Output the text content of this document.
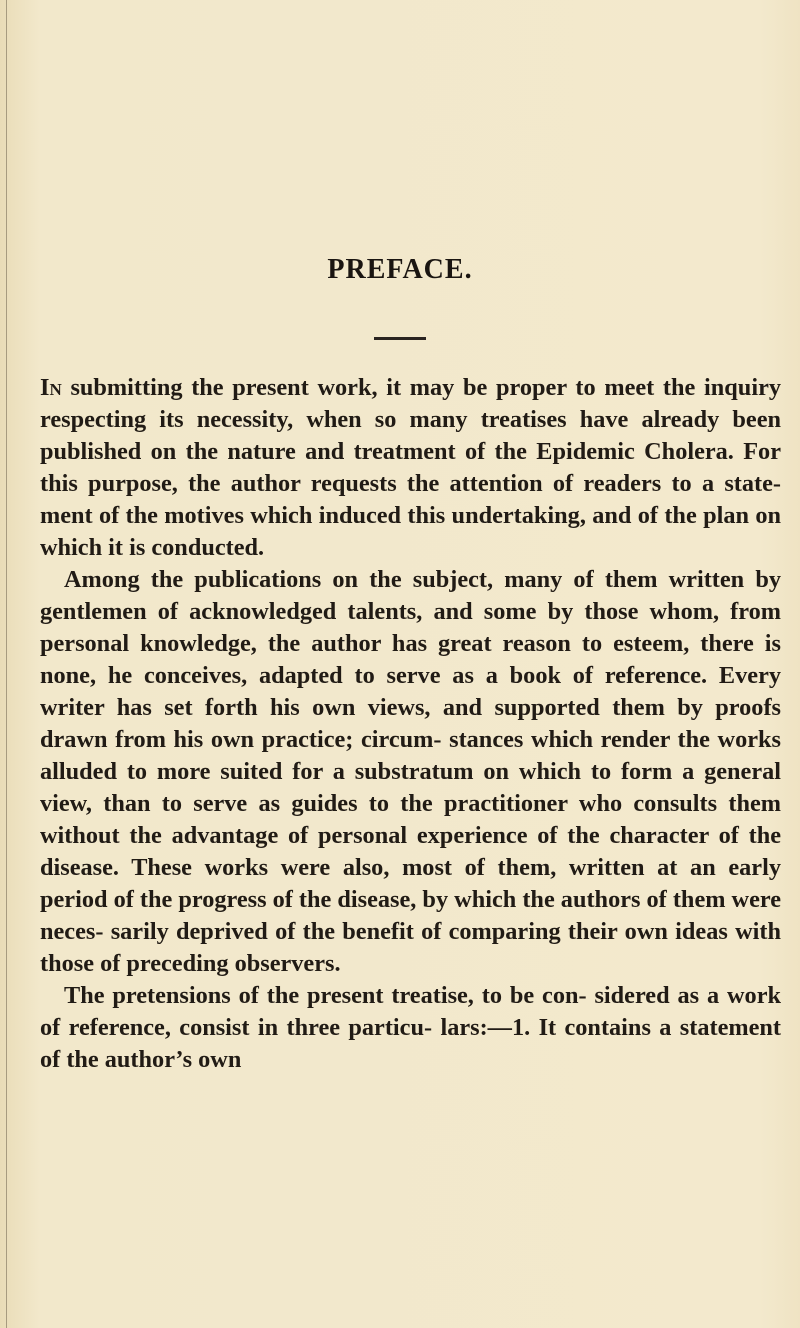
PREFACE.

In submitting the present work, it may be proper to meet the inquiry respecting its necessity, when so many treatises have already been published on the nature and treatment of the Epidemic Cholera. For this purpose, the author requests the attention of readers to a state- ment of the motives which induced this undertaking, and of the plan on which it is conducted.

Among the publications on the subject, many of them written by gentlemen of acknowledged talents, and some by those whom, from personal knowledge, the author has great reason to esteem, there is none, he conceives, adapted to serve as a book of reference. Every writer has set forth his own views, and supported them by proofs drawn from his own practice; circum- stances which render the works alluded to more suited for a substratum on which to form a general view, than to serve as guides to the practitioner who consults them without the advantage of personal experience of the character of the disease. These works were also, most of them, written at an early period of the progress of the disease, by which the authors of them were neces- sarily deprived of the benefit of comparing their own ideas with those of preceding observers.

The pretensions of the present treatise, to be con- sidered as a work of reference, consist in three particu- lars:—1. It contains a statement of the author’s own
